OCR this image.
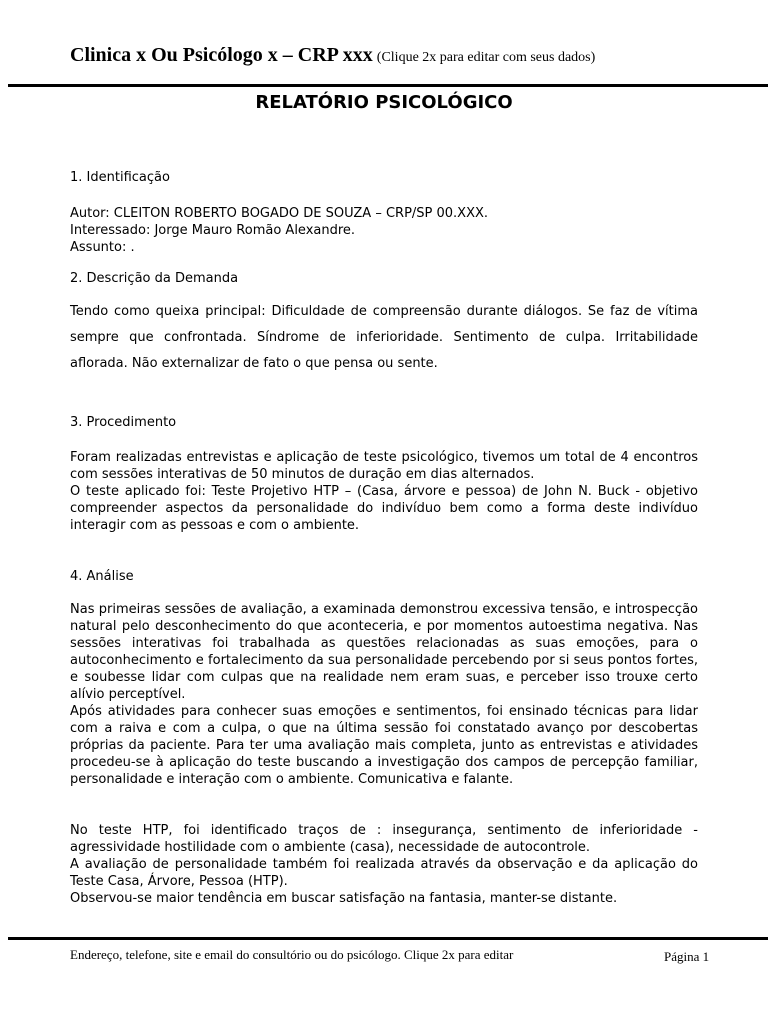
Clinica x Ou Psicólogo x – CRP xxx (Clique 2x para editar com seus dados)
RELATÓRIO PSICOLÓGICO
1. Identificação
Autor: CLEITON ROBERTO BOGADO DE SOUZA – CRP/SP 00.XXX.
Interessado: Jorge Mauro Romão Alexandre.
Assunto: .
2. Descrição da Demanda
Tendo como queixa principal: Dificuldade de compreensão durante diálogos. Se faz de vítima sempre que confrontada. Síndrome de inferioridade. Sentimento de culpa. Irritabilidade aflorada. Não externalizar de fato o que pensa ou sente.
3. Procedimento
Foram realizadas entrevistas e aplicação de teste psicológico, tivemos um total de 4 encontros com sessões interativas de 50 minutos de duração em dias alternados.
O teste aplicado foi: Teste Projetivo HTP – (Casa, árvore e pessoa) de John N. Buck - objetivo compreender aspectos da personalidade do indivíduo bem como a forma deste indivíduo interagir com as pessoas e com o ambiente.
4. Análise
Nas primeiras sessões de avaliação, a examinada demonstrou excessiva tensão, e introspecção natural pelo desconhecimento do que aconteceria, e por momentos autoestima negativa. Nas sessões interativas foi trabalhada as questões relacionadas as suas emoções, para o autoconhecimento e fortalecimento da sua personalidade percebendo por si seus pontos fortes, e soubesse lidar com culpas que na realidade nem eram suas, e perceber isso trouxe certo alívio perceptível.
Após atividades para conhecer suas emoções e sentimentos, foi ensinado técnicas para lidar com a raiva e com a culpa, o que na última sessão foi constatado avanço por descobertas próprias da paciente. Para ter uma avaliação mais completa, junto as entrevistas e atividades procedeu-se à aplicação do teste buscando a investigação dos campos de percepção familiar, personalidade e interação com o ambiente. Comunicativa e falante.
No teste HTP, foi identificado traços de : insegurança, sentimento de inferioridade - agressividade hostilidade com o ambiente (casa), necessidade de autocontrole.
A avaliação de personalidade também foi realizada através da observação e da aplicação do Teste Casa, Árvore, Pessoa (HTP).
Observou-se maior tendência em buscar satisfação na fantasia, manter-se distante.
Endereço, telefone, site e email do consultório ou do psicólogo. Clique 2x para editar	Página 1
